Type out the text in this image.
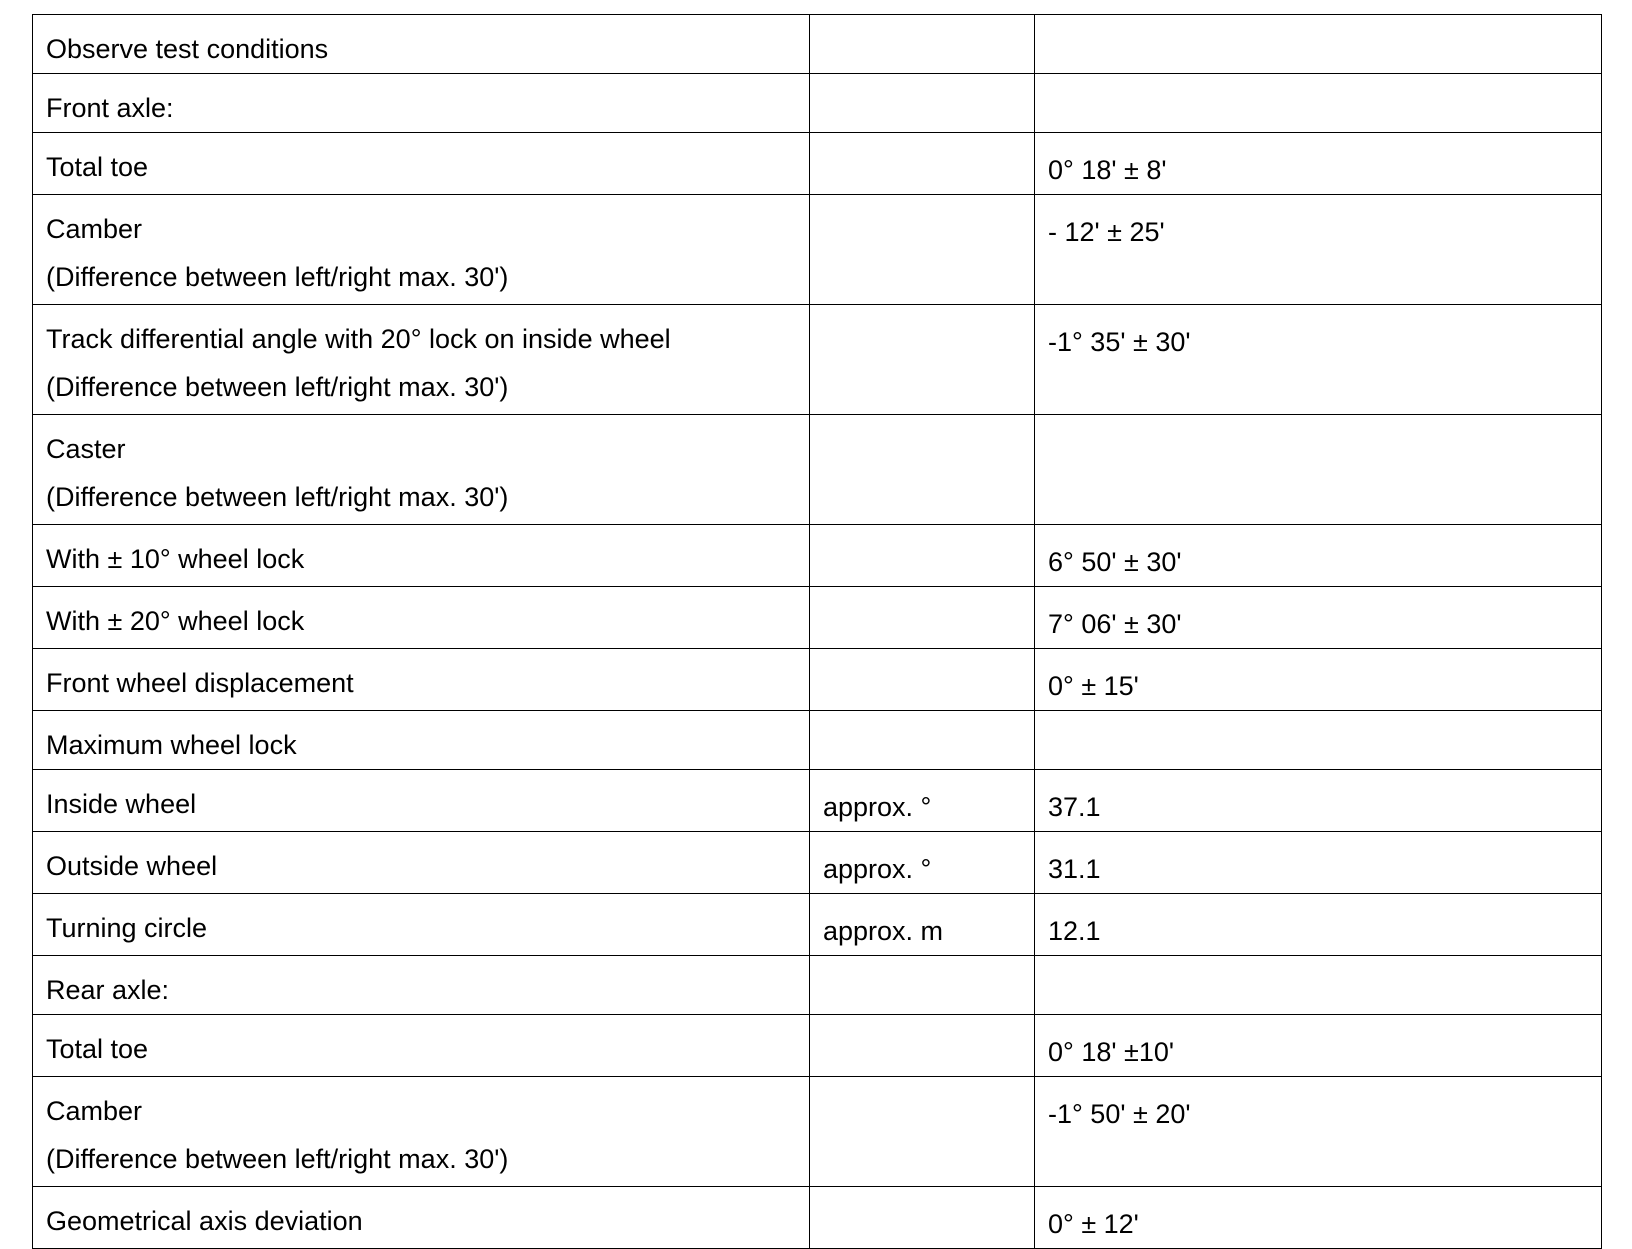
Observe test conditions		

Front axle:		

Total toe		0° 18' ± 8'

Camber
(Difference between left/right max. 30')		- 12' ± 25'

Track differential angle with 20° lock on inside wheel
(Difference between left/right max. 30')		-1° 35' ± 30'

Caster
(Difference between left/right max. 30')		

With ± 10° wheel lock		6° 50' ± 30'

With ± 20° wheel lock		7° 06' ± 30'

Front wheel displacement		0° ± 15'

Maximum wheel lock		

Inside wheel	approx. °	37.1

Outside wheel	approx. °	31.1

Turning circle	approx. m	12.1

Rear axle:		

Total toe		0° 18' ±10'

Camber
(Difference between left/right max. 30')		-1° 50' ± 20'

Geometrical axis deviation		0° ± 12'
